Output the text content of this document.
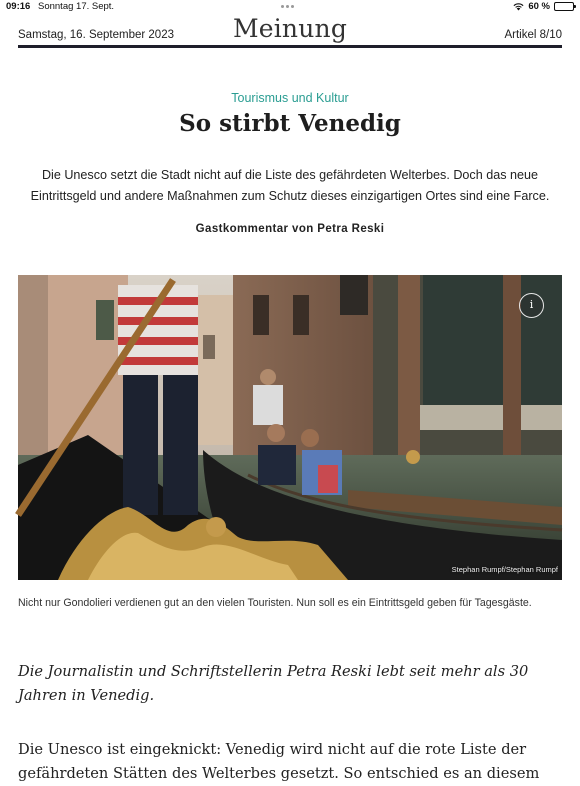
09:16 Sonntag 17. Sept.	60 %
Samstag, 16. September 2023	Meinung	Artikel 8/10
Tourismus und Kultur
So stirbt Venedig

Die Unesco setzt die Stadt nicht auf die Liste des gefährdeten Welterbes. Doch das neue Eintrittsgeld und andere Maßnahmen zum Schutz dieses einzigartigen Ortes sind eine Farce.

Gastkommentar von Petra Reski
i
Stephan Rumpf/Stephan Rumpf

Nicht nur Gondolieri verdienen gut an den vielen Touristen. Nun soll es ein Eintrittsgeld geben für Tagesgäste.

Die Journalistin und Schriftstellerin Petra Reski lebt seit mehr als 30 Jahren in Venedig.

Die Unesco ist eingeknickt: Venedig wird nicht auf die rote Liste der
gefährdeten Stätten des Welterbes gesetzt. So entschied es an diesem
